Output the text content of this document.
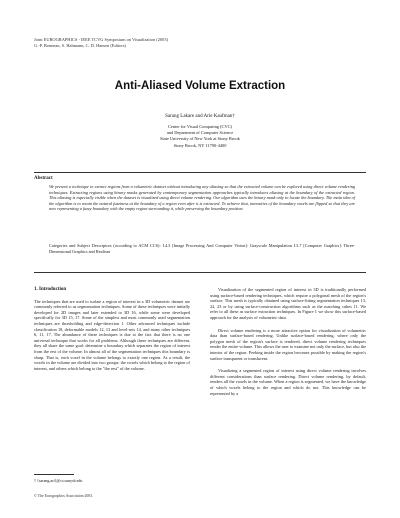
Joint EUROGRAPHICS - IEEE TCVG Symposium on Visualization (2003)
G.-P. Bonneau, S. Hahmann, C. D. Hansen (Editors)
Anti-Aliased Volume Extraction
Sarang Lakare and Arie Kaufman†
Center for Visual Computing (CVC)
and Department of Computer Science
State University of New York at Stony Brook
Stony Brook, NY 11790-4400
Abstract
We present a technique to extract regions from a volumetric dataset without introducing any aliasing so that the extracted volume can be explored using direct volume rendering techniques. Extracting regions using binary masks generated by contemporary segmentation approaches typically introduces aliasing at the boundary of the extracted region. This aliasing is especially visible when the dataset is visualized using direct volume rendering. Our algorithm uses the binary mask only to locate the boundary. The main idea of the algorithm is to retain the natural fuzziness at the boundary of a region even after it is extracted. To achieve that, intensities of the boundary voxels are flipped so that they are now representing a fuzzy boundary with the empty region surrounding it, while preserving the boundary position.
Categories and Subject Descriptors (according to ACM CCS): I.4.3 [Image Processing And Computer Vision]: Grayscale Manipulation I.3.7 [Computer Graphics]: Three-Dimensional Graphics and Realism
1. Introduction

The techniques that are used to isolate a region of interest in a 3D volumetric dataset are commonly referred to as segmentation techniques. Some of these techniques were initially developed for 2D images and later extended to 3D 16, while some were developed specifically for 3D 15, 17. Some of the simplest and most commonly used segmentation techniques are thresholding and edge-detection 1. Other advanced techniques include classification 18, deformable models 12, 13 and level-sets 14, and many other techniques 6, 11, 17. The abundance of these techniques is due to the fact that there is no one universal technique that works for all problems. Although these techniques are different, they all share the same goal: determine a boundary which separates the region of interest from the rest of the volume. In almost all of the segmentation techniques this boundary is sharp. That is, each voxel in the volume belongs to exactly one region. As a result, the voxels in the volume are divided into two groups: the voxels which belong to the region of interest, and others which belong to the "the rest" of the volume.

Visualization of the segmented region of interest in 3D is traditionally performed using surface-based rendering techniques, which require a polygonal mesh of the region's surface. This mesh is typically obtained using surface-fitting segmentation techniques 13, 22, 23 or by using surface-construction algorithms such as the matching cubes 11. We refer to all these as surface extraction techniques. In Figure 1 we show this surface-based approach for the analysis of volumetric data.

Direct volume rendering is a more attractive option for visualization of volumetric data than surface-based rendering. Unlike surface-based rendering, where only the polygon mesh of the region's surface is rendered, direct volume rendering techniques render the entire volume. This allows the user to examine not only the surface, but also the interior of the region. Peeking inside the region becomes possible by making the region's surface transparent or translucent.

Visualizing a segmented region of interest using direct volume rendering involves different considerations than surface rendering. Direct volume rendering, by default, renders all the voxels in the volume. When a region is segmented, we have the knowledge of which voxels belong to the region and which do not. This knowledge can be represented by a

† {sarang,ari}@cs.sunysb.edu
© The Eurographics Association 2003.
